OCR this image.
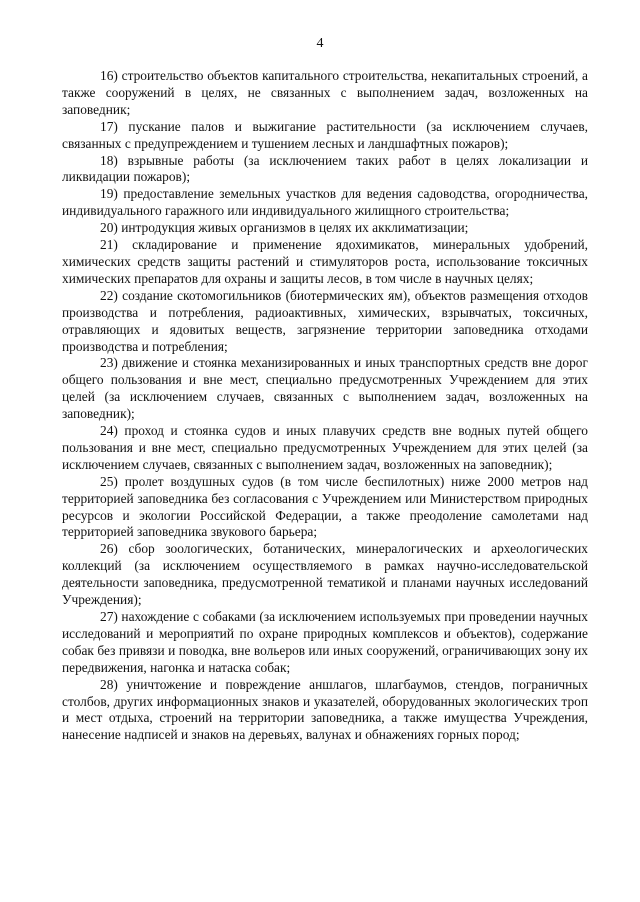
4

16) строительство объектов капитального строительства, некапитальных строений, а также сооружений в целях, не связанных с выполнением задач, возложенных на заповедник;

17) пускание палов и выжигание растительности (за исключением случаев, связанных с предупреждением и тушением лесных и ландшафтных пожаров);

18) взрывные работы (за исключением таких работ в целях локализации и ликвидации пожаров);

19) предоставление земельных участков для ведения садоводства, огородничества, индивидуального гаражного или индивидуального жилищного строительства;

20) интродукция живых организмов в целях их акклиматизации;

21) складирование и применение ядохимикатов, минеральных удобрений, химических средств защиты растений и стимуляторов роста, использование токсичных химических препаратов для охраны и защиты лесов, в том числе в научных целях;

22) создание скотомогильников (биотермических ям), объектов размещения отходов производства и потребления, радиоактивных, химических, взрывчатых, токсичных, отравляющих и ядовитых веществ, загрязнение территории заповедника отходами производства и потребления;

23) движение и стоянка механизированных и иных транспортных средств вне дорог общего пользования и вне мест, специально предусмотренных Учреждением для этих целей (за исключением случаев, связанных с выполнением задач, возложенных на заповедник);

24) проход и стоянка судов и иных плавучих средств вне водных путей общего пользования и вне мест, специально предусмотренных Учреждением для этих целей (за исключением случаев, связанных с выполнением задач, возложенных на заповедник);

25) пролет воздушных судов (в том числе беспилотных) ниже 2000 метров над территорией заповедника без согласования с Учреждением или Министерством природных ресурсов и экологии Российской Федерации, а также преодоление самолетами над территорией заповедника звукового барьера;

26) сбор зоологических, ботанических, минералогических и археологических коллекций (за исключением осуществляемого в рамках научно-исследовательской деятельности заповедника, предусмотренной тематикой и планами научных исследований Учреждения);

27) нахождение с собаками (за исключением используемых при проведении научных исследований и мероприятий по охране природных комплексов и объектов), содержание собак без привязи и поводка, вне вольеров или иных сооружений, ограничивающих зону их передвижения, нагонка и натаска собак;

28) уничтожение и повреждение аншлагов, шлагбаумов, стендов, пограничных столбов, других информационных знаков и указателей, оборудованных экологических троп и мест отдыха, строений на территории заповедника, а также имущества Учреждения, нанесение надписей и знаков на деревьях, валунах и обнажениях горных пород;
